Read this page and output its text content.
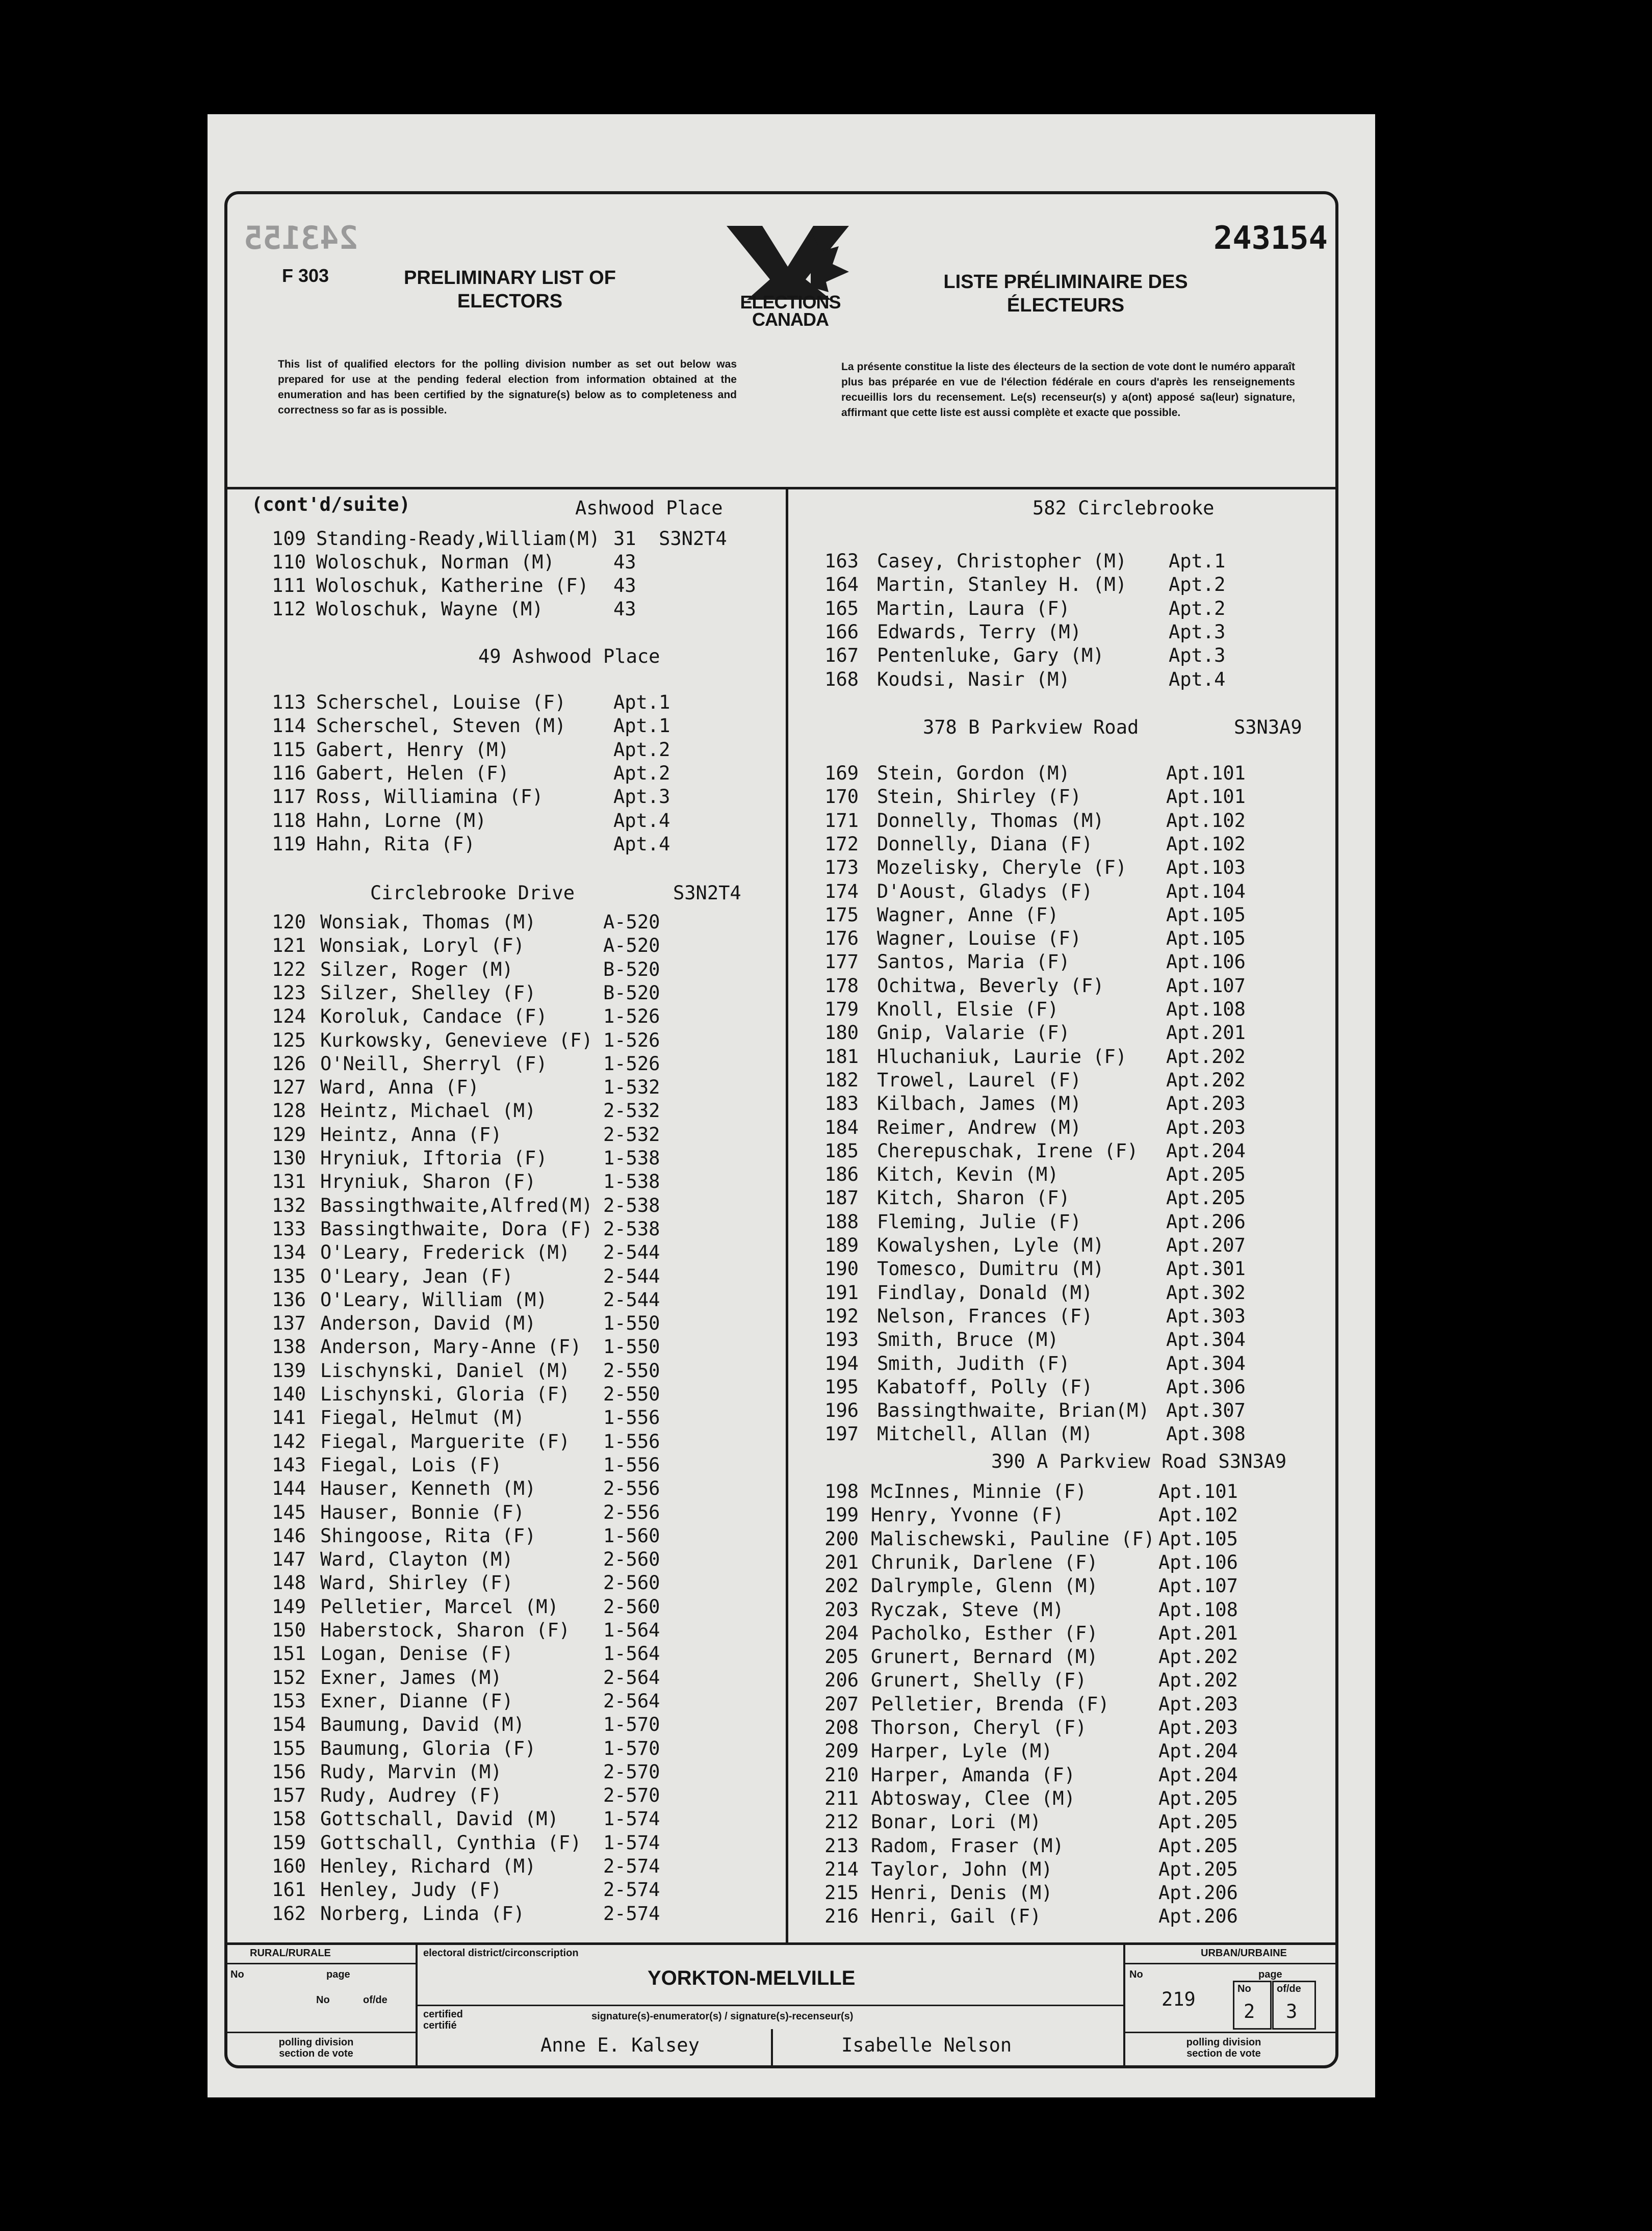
243155	243154
F 303	PRELIMINARY LIST OF ELECTORS
LISTE PRÉLIMINAIRE DES ÉLECTEURS
ELECTIONS CANADA
This list of qualified electors for the polling division number as set out below was prepared for use at the pending federal election from information obtained at the enumeration and has been certified by the signature(s) below as to completeness and correctness so far as is possible.
La présente constitue la liste des électeurs de la section de vote dont le numéro apparaît plus bas préparée en vue de l'élection fédérale en cours d'après les renseignements recueillis lors du recensement. Le(s) recenseur(s) y a(ont) apposé sa(leur) signature, affirmant que cette liste est aussi complète et exacte que possible.
(cont'd/suite)	Ashwood Place
109 Standing-Ready,William(M) 31  S3N2T4
110 Woloschuk, Norman (M)	43
111 Woloschuk, Katherine (F) 43
112 Woloschuk, Wayne (M)	43
49 Ashwood Place
113 Scherschel, Louise (F)	Apt.1
114 Scherschel, Steven (M)	Apt.1
115 Gabert, Henry (M)	Apt.2
116 Gabert, Helen (F)	Apt.2
117 Ross, Williamina (F)	Apt.3
118 Hahn, Lorne (M)	Apt.4
119 Hahn, Rita (F)	Apt.4
Circlebrooke Drive	S3N2T4
120 Wonsiak, Thomas (M)	A-520
121 Wonsiak, Loryl (F)	A-520
122 Silzer, Roger (M)	B-520
123 Silzer, Shelley (F)	B-520
124 Koroluk, Candace (F)	1-526
125 Kurkowsky, Genevieve (F) 1-526
126 O'Neill, Sherryl (F)	1-526
127 Ward, Anna (F)	1-532
128 Heintz, Michael (M)	2-532
129 Heintz, Anna (F)	2-532
130 Hryniuk, Iftoria (F)	1-538
131 Hryniuk, Sharon (F)	1-538
132 Bassingthwaite,Alfred(M) 2-538
133 Bassingthwaite, Dora (F) 2-538
134 O'Leary, Frederick (M) 2-544
135 O'Leary, Jean (F)	2-544
136 O'Leary, William (M)	2-544
137 Anderson, David (M)	1-550
138 Anderson, Mary-Anne (F) 1-550
139 Lischynski, Daniel (M) 2-550
140 Lischynski, Gloria (F) 2-550
141 Fiegal, Helmut (M)	1-556
142 Fiegal, Marguerite (F) 1-556
143 Fiegal, Lois (F)	1-556
144 Hauser, Kenneth (M)	2-556
145 Hauser, Bonnie (F)	2-556
146 Shingoose, Rita (F)	1-560
147 Ward, Clayton (M)	2-560
148 Ward, Shirley (F)	2-560
149 Pelletier, Marcel (M) 2-560
150 Haberstock, Sharon (F) 1-564
151 Logan, Denise (F)	1-564
152 Exner, James (M)	2-564
153 Exner, Dianne (F)	2-564
154 Baumung, David (M)	1-570
155 Baumung, Gloria (F)	1-570
156 Rudy, Marvin (M)	2-570
157 Rudy, Audrey (F)	2-570
158 Gottschall, David (M) 1-574
159 Gottschall, Cynthia (F) 1-574
160 Henley, Richard (M)	2-574
161 Henley, Judy (F)	2-574
162 Norberg, Linda (F)	2-574
582 Circlebrooke
163 Casey, Christopher (M) Apt.1
164 Martin, Stanley H. (M) Apt.2
165 Martin, Laura (F)	Apt.2
166 Edwards, Terry (M)	Apt.3
167 Pentenluke, Gary (M)	Apt.3
168 Koudsi, Nasir (M)	Apt.4
378 B Parkview Road	S3N3A9
169 Stein, Gordon (M)	Apt.101
170 Stein, Shirley (F)	Apt.101
171 Donnelly, Thomas (M)	Apt.102
172 Donnelly, Diana (F)	Apt.102
173 Mozelisky, Cheryle (F) Apt.103
174 D'Aoust, Gladys (F)	Apt.104
175 Wagner, Anne (F)	Apt.105
176 Wagner, Louise (F)	Apt.105
177 Santos, Maria (F)	Apt.106
178 Ochitwa, Beverly (F)	Apt.107
179 Knoll, Elsie (F)	Apt.108
180 Gnip, Valarie (F)	Apt.201
181 Hluchaniuk, Laurie (F) Apt.202
182 Trowel, Laurel (F)	Apt.202
183 Kilbach, James (M)	Apt.203
184 Reimer, Andrew (M)	Apt.203
185 Cherepuschak, Irene (F) Apt.204
186 Kitch, Kevin (M)	Apt.205
187 Kitch, Sharon (F)	Apt.205
188 Fleming, Julie (F)	Apt.206
189 Kowalyshen, Lyle (M)	Apt.207
190 Tomesco, Dumitru (M)	Apt.301
191 Findlay, Donald (M)	Apt.302
192 Nelson, Frances (F)	Apt.303
193 Smith, Bruce (M)	Apt.304
194 Smith, Judith (F)	Apt.304
195 Kabatoff, Polly (F)	Apt.306
196 Bassingthwaite, Brian(M) Apt.307
197 Mitchell, Allan (M)	Apt.308
390 A Parkview Road S3N3A9
198 McInnes, Minnie (F)	Apt.101
199 Henry, Yvonne (F)	Apt.102
200 Malischewski, Pauline (F) Apt.105
201 Chrunik, Darlene (F)	Apt.106
202 Dalrymple, Glenn (M)	Apt.107
203 Ryczak, Steve (M)	Apt.108
204 Pacholko, Esther (F)	Apt.201
205 Grunert, Bernard (M)	Apt.202
206 Grunert, Shelly (F)	Apt.202
207 Pelletier, Brenda (F)	Apt.203
208 Thorson, Cheryl (F)	Apt.203
209 Harper, Lyle (M)	Apt.204
210 Harper, Amanda (F)	Apt.204
211 Abtosway, Clee (M)	Apt.205
212 Bonar, Lori (M)	Apt.205
213 Radom, Fraser (M)	Apt.205
214 Taylor, John (M)	Apt.205
215 Henri, Denis (M)	Apt.206
216 Henri, Gail (F)	Apt.206
RURAL/RURALE
No	page
No	of/de
polling division section de vote
electoral district/circonscription
YORKTON-MELVILLE
certified certifié
signature(s)-enumerator(s) / signature(s)-recenseur(s)
Anne E. Kalsey	Isabelle Nelson
URBAN/URBAINE
No	page
219	No
2
of/de
3
polling division section de vote
